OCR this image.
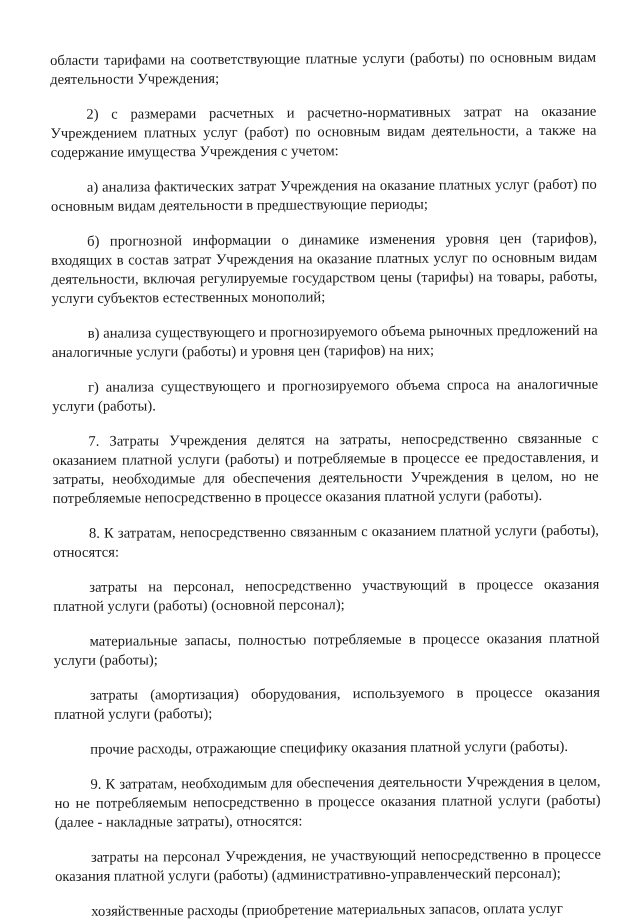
области тарифами на соответствующие платные услуги (работы) по основным видам деятельности Учреждения;

2) с размерами расчетных и расчетно-нормативных затрат на оказание Учреждением платных услуг (работ) по основным видам деятельности, а также на содержание имущества Учреждения с учетом:

а) анализа фактических затрат Учреждения на оказание платных услуг (работ) по основным видам деятельности в предшествующие периоды;

б) прогнозной информации о динамике изменения уровня цен (тарифов), входящих в состав затрат Учреждения на оказание платных услуг по основным видам деятельности, включая регулируемые государством цены (тарифы) на товары, работы, услуги субъектов естественных монополий;

в) анализа существующего и прогнозируемого объема рыночных предложений на аналогичные услуги (работы) и уровня цен (тарифов) на них;

г) анализа существующего и прогнозируемого объема спроса на аналогичные услуги (работы).

7. Затраты Учреждения делятся на затраты, непосредственно связанные с оказанием платной услуги (работы) и потребляемые в процессе ее предоставления, и затраты, необходимые для обеспечения деятельности Учреждения в целом, но не потребляемые непосредственно в процессе оказания платной услуги (работы).

8. К затратам, непосредственно связанным с оказанием платной услуги (работы), относятся:

затраты на персонал, непосредственно участвующий в процессе оказания платной услуги (работы) (основной персонал);

материальные запасы, полностью потребляемые в процессе оказания платной услуги (работы);

затраты (амортизация) оборудования, используемого в процессе оказания платной услуги (работы);

прочие расходы, отражающие специфику оказания платной услуги (работы).

9. К затратам, необходимым для обеспечения деятельности Учреждения в целом, но не потребляемым непосредственно в процессе оказания платной услуги (работы) (далее - накладные затраты), относятся:

затраты на персонал Учреждения, не участвующий непосредственно в процессе оказания платной услуги (работы) (административно-управленческий персонал);

хозяйственные расходы (приобретение материальных запасов, оплата услуг
